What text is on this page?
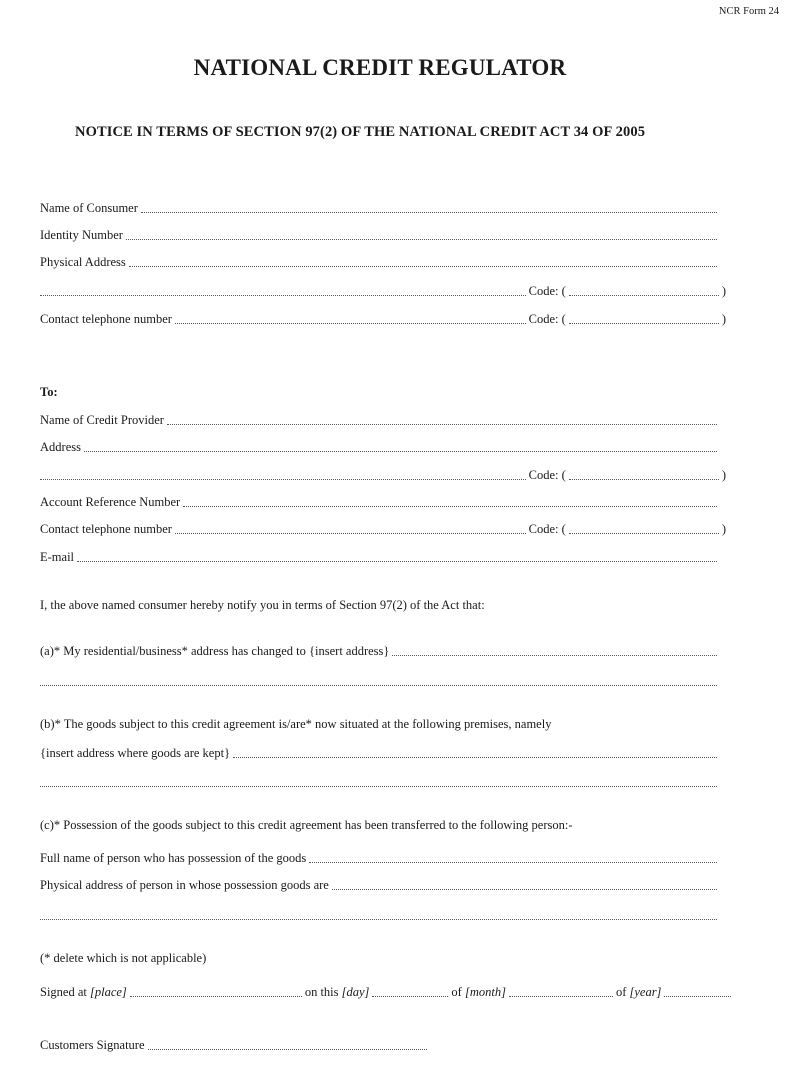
NCR Form 24
NATIONAL CREDIT REGULATOR
NOTICE IN TERMS OF SECTION 97(2) OF THE NATIONAL CREDIT ACT 34 OF 2005
Name of Consumer
Identity Number
Physical Address
Code: (	)
Contact telephone number	Code: (	)
To:
Name of Credit Provider
Address
Code: (	)
Account Reference Number
Contact telephone number	Code: (	)
E-mail
I, the above named consumer hereby notify you in terms of Section 97(2) of the Act that:
(a)* My residential/business* address has changed to {insert address}
(b)* The goods subject to this credit agreement is/are* now situated at the following premises, namely
{insert address where goods are kept}
(c)* Possession of the goods subject to this credit agreement has been transferred to the following person:-
Full name of person who has possession of the goods
Physical address of person in whose possession goods are
(* delete which is not applicable)
Signed at
[place]	on this
[day]	of
[month]	of
[year]
Customers Signature
